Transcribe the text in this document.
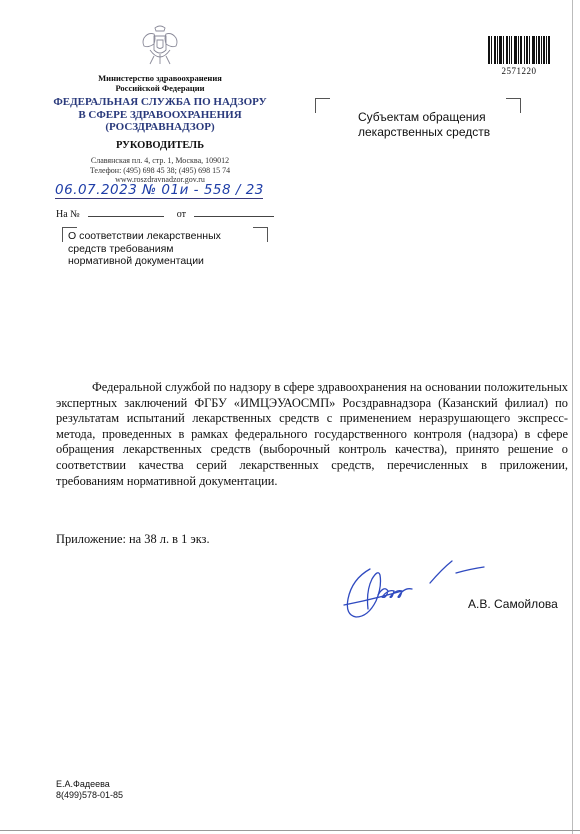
2571220
Министерство здравоохранения
Российской Федерации
ФЕДЕРАЛЬНАЯ СЛУЖБА ПО НАДЗОРУ
В СФЕРЕ ЗДРАВООХРАНЕНИЯ
(РОСЗДРАВНАДЗОР)
РУКОВОДИТЕЛЬ
Славянская пл. 4, стр. 1, Москва, 109012
Телефон: (495) 698 45 38; (495) 698 15 74
www.roszdravnadzor.gov.ru
06.07.2023 № 01и - 558 / 23
На №	от
О соответствии лекарственных
средств требованиям
нормативной документации
Субъектам обращения
лекарственных средств
Федеральной службой по надзору в сфере здравоохранения на основании положительных экспертных заключений ФГБУ «ИМЦЭУАОСМП» Росздравнадзора (Казанский филиал) по результатам испытаний лекарственных средств с применением неразрушающего экспресс-метода, проведенных в рамках федерального государственного контроля (надзора) в сфере обращения лекарственных средств (выборочный контроль качества), принято решение о соответствии качества серий лекарственных средств, перечисленных в приложении, требованиям нормативной документации.
Приложение: на 38 л. в 1 экз.
А.В. Самойлова
Е.А.Фадеева
8(499)578-01-85
